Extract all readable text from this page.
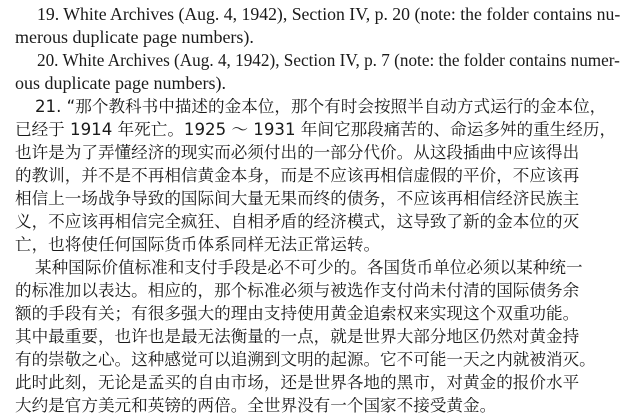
19. White Archives (Aug. 4, 1942), Section IV, p. 20 (note: the folder contains nu-
merous duplicate page numbers).
20. White Archives (Aug. 4, 1942), Section IV, p. 7 (note: the folder contains numer-
ous duplicate page numbers).
21. “那个教科书中描述的金本位，那个有时会按照半自动方式运行的金本位，
已经于 1914 年死亡。1925 ～ 1931 年间它那段痛苦的、命运多舛的重生经历，
也许是为了弄懂经济的现实而必须付出的一部分代价。从这段插曲中应该得出
的教训，并不是不再相信黄金本身，而是不应该再相信虚假的平价，不应该再
相信上一场战争导致的国际间大量无果而终的债务，不应该再相信经济民族主
义，不应该再相信完全疯狂、自相矛盾的经济模式，这导致了新的金本位的灭
亡，也将使任何国际货币体系同样无法正常运转。
某种国际价值标准和支付手段是必不可少的。各国货币单位必须以某种统一
的标准加以表达。相应的，那个标准必须与被选作支付尚未付清的国际债务余
额的手段有关；有很多强大的理由支持使用黄金追索权来实现这个双重功能。
其中最重要，也许也是最无法衡量的一点，就是世界大部分地区仍然对黄金持
有的崇敬之心。这种感觉可以追溯到文明的起源。它不可能一天之内就被消灭。
此时此刻，无论是孟买的自由市场，还是世界各地的黑市，对黄金的报价水平
大约是官方美元和英镑的两倍。全世界没有一个国家不接受黄金。
